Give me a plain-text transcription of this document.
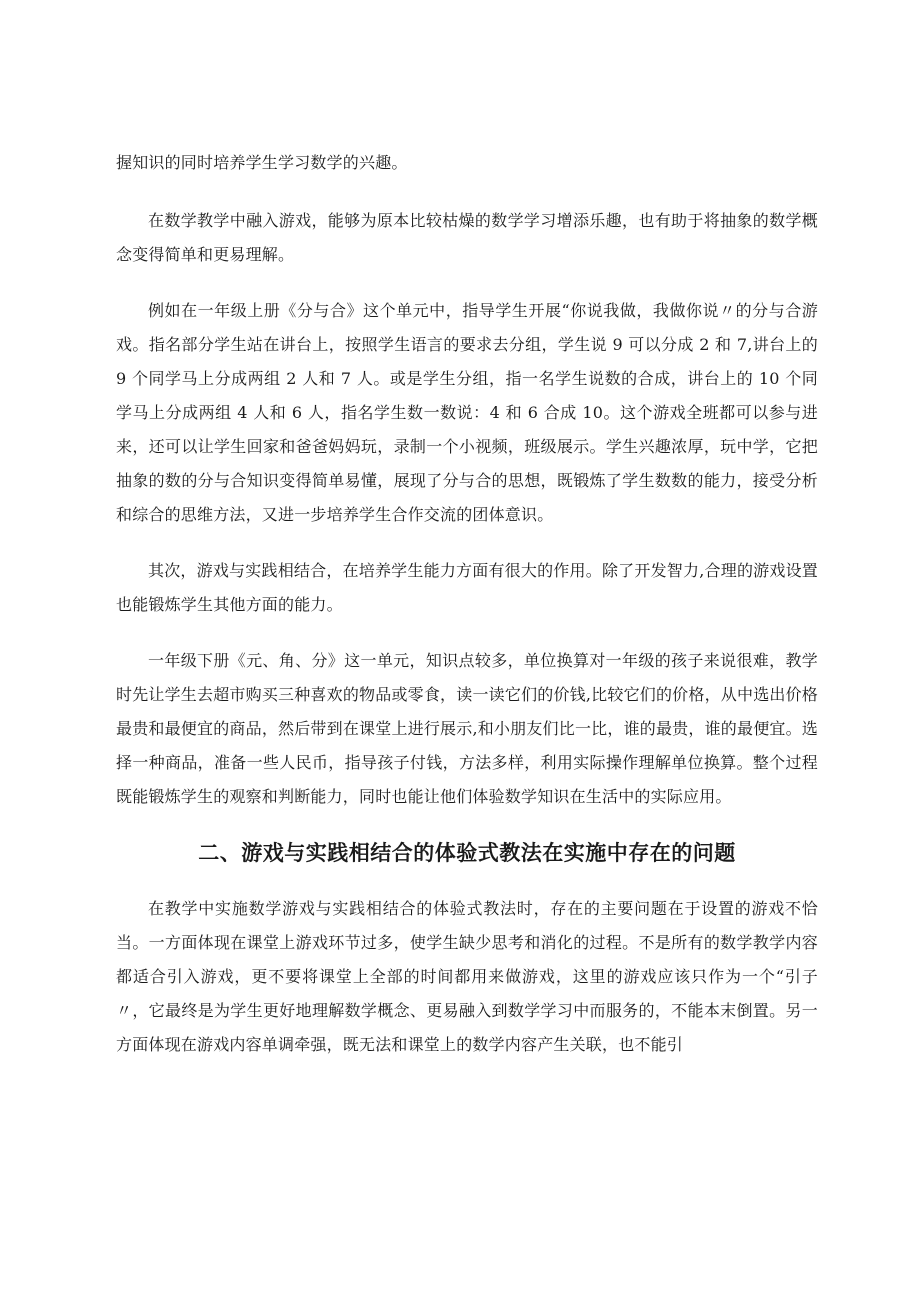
握知识的同时培养学生学习数学的兴趣。

在数学教学中融入游戏，能够为原本比较枯燥的数学学习增添乐趣，也有助于将抽象的数学概念变得简单和更易理解。

例如在一年级上册《分与合》这个单元中，指导学生开展“你说我做，我做你说〃的分与合游戏。指名部分学生站在讲台上，按照学生语言的要求去分组，学生说 9 可以分成 2 和 7,讲台上的 9 个同学马上分成两组 2 人和 7 人。或是学生分组，指一名学生说数的合成，讲台上的 10 个同学马上分成两组 4 人和 6 人，指名学生数一数说：4 和 6 合成 10。这个游戏全班都可以参与进来，还可以让学生回家和爸爸妈妈玩，录制一个小视频，班级展示。学生兴趣浓厚，玩中学，它把抽象的数的分与合知识变得简单易懂，展现了分与合的思想，既锻炼了学生数数的能力，接受分析和综合的思维方法，又进一步培养学生合作交流的团体意识。

其次，游戏与实践相结合，在培养学生能力方面有很大的作用。除了开发智力,合理的游戏设置也能锻炼学生其他方面的能力。

一年级下册《元、角、分》这一单元，知识点较多，单位换算对一年级的孩子来说很难，教学时先让学生去超市购买三种喜欢的物品或零食，读一读它们的价钱,比较它们的价格，从中选出价格最贵和最便宜的商品，然后带到在课堂上进行展示,和小朋友们比一比，谁的最贵，谁的最便宜。选择一种商品，准备一些人民币，指导孩子付钱，方法多样，利用实际操作理解单位换算。整个过程既能锻炼学生的观察和判断能力，同时也能让他们体验数学知识在生活中的实际应用。

二、游戏与实践相结合的体验式教法在实施中存在的问题

在教学中实施数学游戏与实践相结合的体验式教法时，存在的主要问题在于设置的游戏不恰当。一方面体现在课堂上游戏环节过多，使学生缺少思考和消化的过程。不是所有的数学教学内容都适合引入游戏，更不要将课堂上全部的时间都用来做游戏，这里的游戏应该只作为一个“引子〃，它最终是为学生更好地理解数学概念、更易融入到数学学习中而服务的，不能本末倒置。另一方面体现在游戏内容单调牵强，既无法和课堂上的数学内容产生关联，也不能引
